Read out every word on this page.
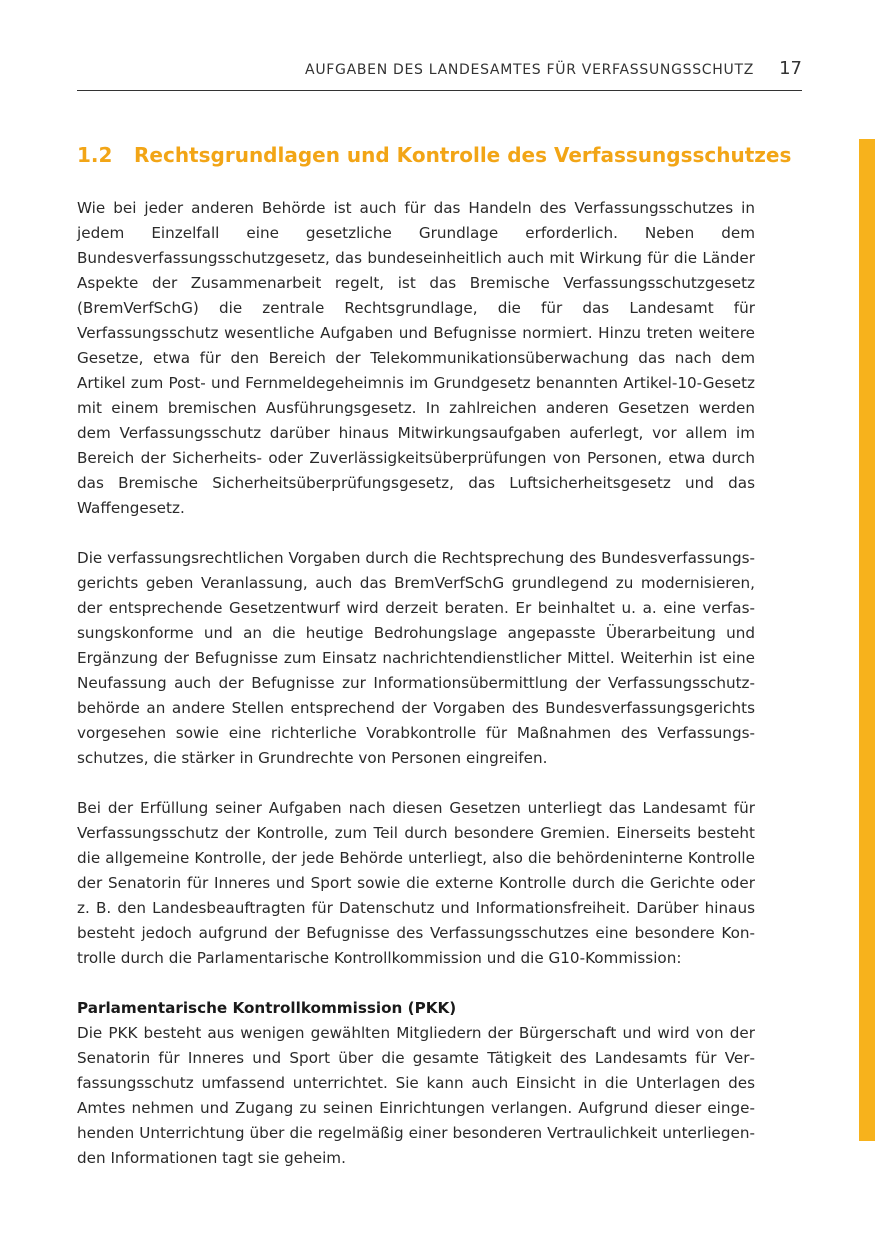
AUFGABEN DES LANDESAMTES FÜR VERFASSUNGSSCHUTZ 17
1.2 Rechtsgrundlagen und Kontrolle des Verfassungsschutzes

Wie bei jeder anderen Behörde ist auch für das Handeln des Verfassungsschutzes in jedem Einzelfall eine gesetzliche Grundlage erforderlich. Neben dem Bundesverfassungsschutzgesetz, das bundeseinheitlich auch mit Wirkung für die Länder Aspekte der Zusammenarbeit regelt, ist das Bremische Verfassungsschutzgesetz (BremVerfSchG) die zentrale Rechtsgrundlage, die für das Landesamt für Verfassungsschutz wesentliche Aufgaben und Befugnisse normiert. Hinzu treten weitere Gesetze, etwa für den Bereich der Telekommunikationsüberwachung das nach dem Artikel zum Post- und Fernmeldegeheimnis im Grundgesetz benannten Artikel-10-Gesetz mit einem bremischen Ausführungsgesetz. In zahlreichen anderen Gesetzen werden dem Verfassungsschutz darüber hinaus Mitwirkungsaufgaben auferlegt, vor allem im Bereich der Sicherheits- oder Zuverlässigkeitsüberprüfungen von Personen, etwa durch das Bremische Sicherheitsüberprüfungsgesetz, das Luftsicherheitsgesetz und das Waffengesetz.

Die verfassungsrechtlichen Vorgaben durch die Rechtsprechung des Bundesverfassungsgerichts geben Veranlassung, auch das BremVerfSchG grundlegend zu modernisieren, der entsprechende Gesetzentwurf wird derzeit beraten. Er beinhaltet u. a. eine verfassungskonforme und an die heutige Bedrohungslage angepasste Überarbeitung und Ergänzung der Befugnisse zum Einsatz nachrichtendienstlicher Mittel. Weiterhin ist eine Neufassung auch der Befugnisse zur Informationsübermittlung der Verfassungsschutzbehörde an andere Stellen entsprechend der Vorgaben des Bundesverfassungsgerichts vorgesehen sowie eine richterliche Vorabkontrolle für Maßnahmen des Verfassungsschutzes, die stärker in Grundrechte von Personen eingreifen.

Bei der Erfüllung seiner Aufgaben nach diesen Gesetzen unterliegt das Landesamt für Verfassungsschutz der Kontrolle, zum Teil durch besondere Gremien. Einerseits besteht die allgemeine Kontrolle, der jede Behörde unterliegt, also die behördeninterne Kontrolle der Senatorin für Inneres und Sport sowie die externe Kontrolle durch die Gerichte oder z. B. den Landesbeauftragten für Datenschutz und Informationsfreiheit. Darüber hinaus besteht jedoch aufgrund der Befugnisse des Verfassungsschutzes eine besondere Kontrolle durch die Parlamentarische Kontrollkommission und die G10-Kommission:

Parlamentarische Kontrollkommission (PKK)

Die PKK besteht aus wenigen gewählten Mitgliedern der Bürgerschaft und wird von der Senatorin für Inneres und Sport über die gesamte Tätigkeit des Landesamts für Verfassungsschutz umfassend unterrichtet. Sie kann auch Einsicht in die Unterlagen des Amtes nehmen und Zugang zu seinen Einrichtungen verlangen. Aufgrund dieser eingehenden Unterrichtung über die regelmäßig einer besonderen Vertraulichkeit unterliegenden Informationen tagt sie geheim.
